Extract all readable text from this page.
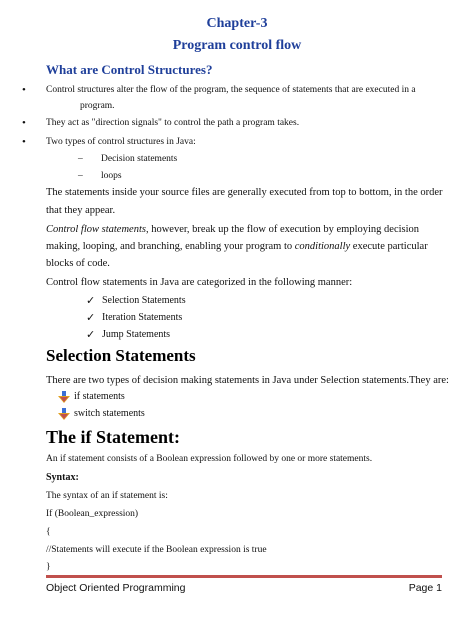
Chapter-3
Program control flow
What are Control Structures?
• Control structures alter the flow of the program, the sequence of statements that are executed in a
program.
• They act as "direction signals" to control the path a program takes.
• Two types of control structures in Java:
– Decision statements
– loops
The statements inside your source files are generally executed from top to bottom, in the order
that they appear.
Control flow statements, however, break up the flow of execution by employing decision
making, looping, and branching, enabling your program to conditionally execute particular
blocks of code.
Control flow statements in Java are categorized in the following manner:
✓ Selection Statements
✓ Iteration Statements
✓ Jump Statements
Selection Statements
There are two types of decision making statements in Java under Selection statements.They are:
if statements
switch statements
The if Statement:
An if statement consists of a Boolean expression followed by one or more statements.
Syntax:
The syntax of an if statement is:
If (Boolean_expression)
{
//Statements will execute if the Boolean expression is true
}
Object Oriented Programming	Page 1
